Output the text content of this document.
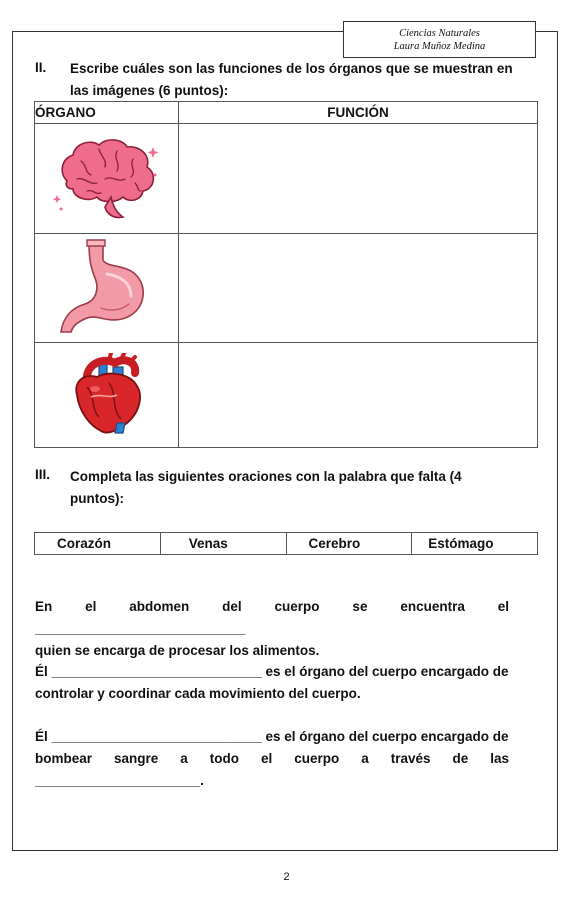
Ciencias Naturales
Laura Muñoz Medina
II. Escribe cuáles son las funciones de los órganos que se muestran en
las imágenes (6 puntos):
ÓRGANO	FUNCIÓN

III. Completa las siguientes oraciones con la palabra que falta (4
puntos):
Corazón	Venas	Cerebro	Estómago
En el abdomen del cuerpo se encuentra el ____________________________
quien se encarga de procesar los alimentos.
Él ____________________________ es el órgano del cuerpo encargado de
controlar y coordinar cada movimiento del cuerpo.
Él ____________________________ es el órgano del cuerpo encargado de
bombear sangre a todo el cuerpo a través de las ______________________.
2
